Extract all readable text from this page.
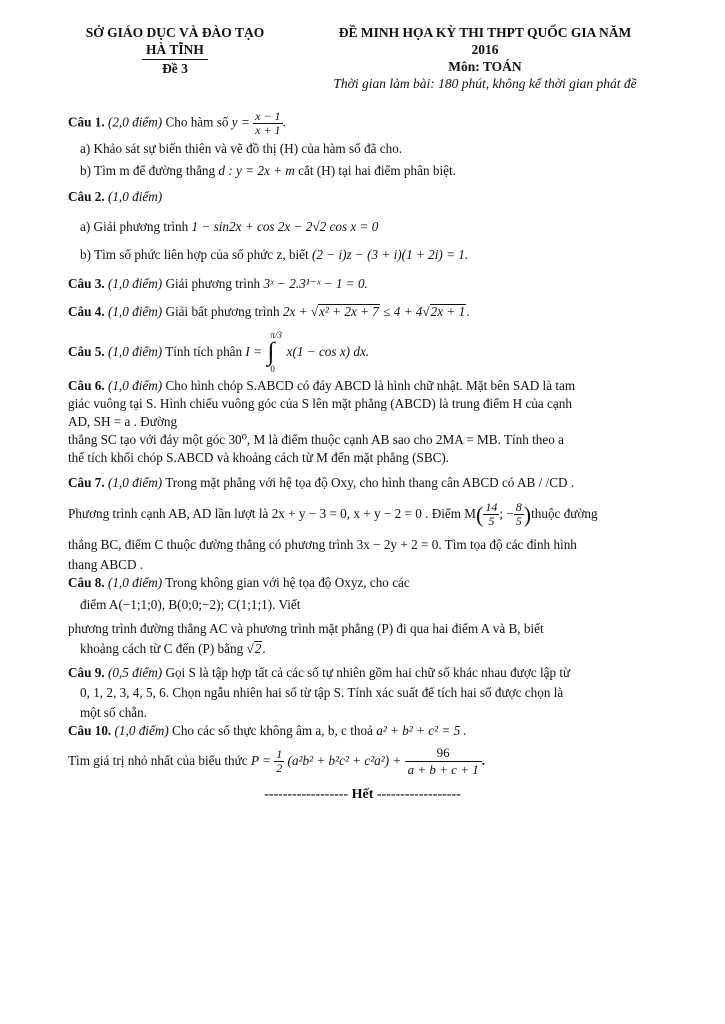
SỞ GIÁO DỤC VÀ ĐÀO TẠO
HÀ TĨNH
Đề 3
ĐỀ MINH HỌA KỲ THI THPT QUỐC GIA NĂM
2016
Môn: TOÁN
Thời gian làm bài: 180 phút, không kể thời gian phát đề
Câu 1. (2,0 điểm) Cho hàm số $y = \frac{x - 1}{x + 1}$ .
a) Khảo sát sự biến thiên và vẽ đồ thị (H) của hàm số đã cho.
b) Tìm m để đường thẳng d : y = 2x + m cắt (H) tại hai điểm phân biệt.
Câu 2. (1,0 điểm)
a) Giải phương trình 1 − sin2x + cos 2x − 2√2 cos x = 0
b) Tìm số phức liên hợp của số phức z, biết (2 − i)z − (3 + i)(1 + 2i) = 1.
Câu 3. (1,0 điểm) Giải phương trình 3ˣ − 2.3¹⁻ˣ − 1 = 0.
Câu 4. (1,0 điểm) Giải bất phương trình 2x + √x² + 2x + 7 ≤ 4 + 4√2x + 1.
Câu 5. (1,0 điểm) Tính tích phân I =
π/3
∫
0
x(1 − cos x) dx.
Câu 6. (1,0 điểm) Cho hình chóp S.ABCD có đáy ABCD là hình chữ nhật. Mặt bên SAD là tam
giác vuông tại S. Hình chiếu vuông góc của S lên mặt phẳng (ABCD) là trung điểm H của cạnh
AD, SH = a . Đường
thẳng SC tạo với đáy một góc 30⁰, M là điểm thuộc cạnh AB sao cho 2MA = MB. Tính theo a
thể tích khối chóp S.ABCD và khoảng cách từ M đến mặt phẳng (SBC).
Câu 7. (1,0 điểm) Trong mặt phẳng với hệ tọa độ Oxy, cho hình thang cân ABCD có AB / /CD .
Phương trình cạnh AB, AD lần lượt là 2x + y − 3 = 0, x + y − 2 = 0 . Điểm $M( \frac{14}{5}$ ; − $\frac{8}{5}$ )thuộc đường
thẳng BC, điểm C thuộc đường thẳng có phương trình 3x − 2y + 2 = 0. Tìm tọa độ các đỉnh hình
thang ABCD .
Câu 8. (1,0 điểm) Trong không gian với hệ tọa độ Oxyz, cho các
điểm A(−1;1;0), B(0;0;−2); C(1;1;1). Viết
phương trình đường thẳng AC và phương trình mặt phẳng (P) đi qua hai điểm A và B, biết
khoảng cách từ C đến (P) bằng √2.
Câu 9. (0,5 điểm) Gọi S là tập hợp tất cả các số tự nhiên gồm hai chữ số khác nhau được lập từ
0, 1, 2, 3, 4, 5, 6. Chọn ngẫu nhiên hai số từ tập S. Tính xác suất để tích hai số được chọn là
một số chẵn.
Câu 10. (1,0 điểm) Cho các số thực không âm a, b, c thoả a² + b² + c² = 5 .
Tìm giá trị nhỏ nhất của biểu thức $P = \frac{1}{2} (a^2b^2 + b^2c^2 + c^2a^2) + \frac{96}{a + b + c + 1}$ .
------------------ Hết ------------------
